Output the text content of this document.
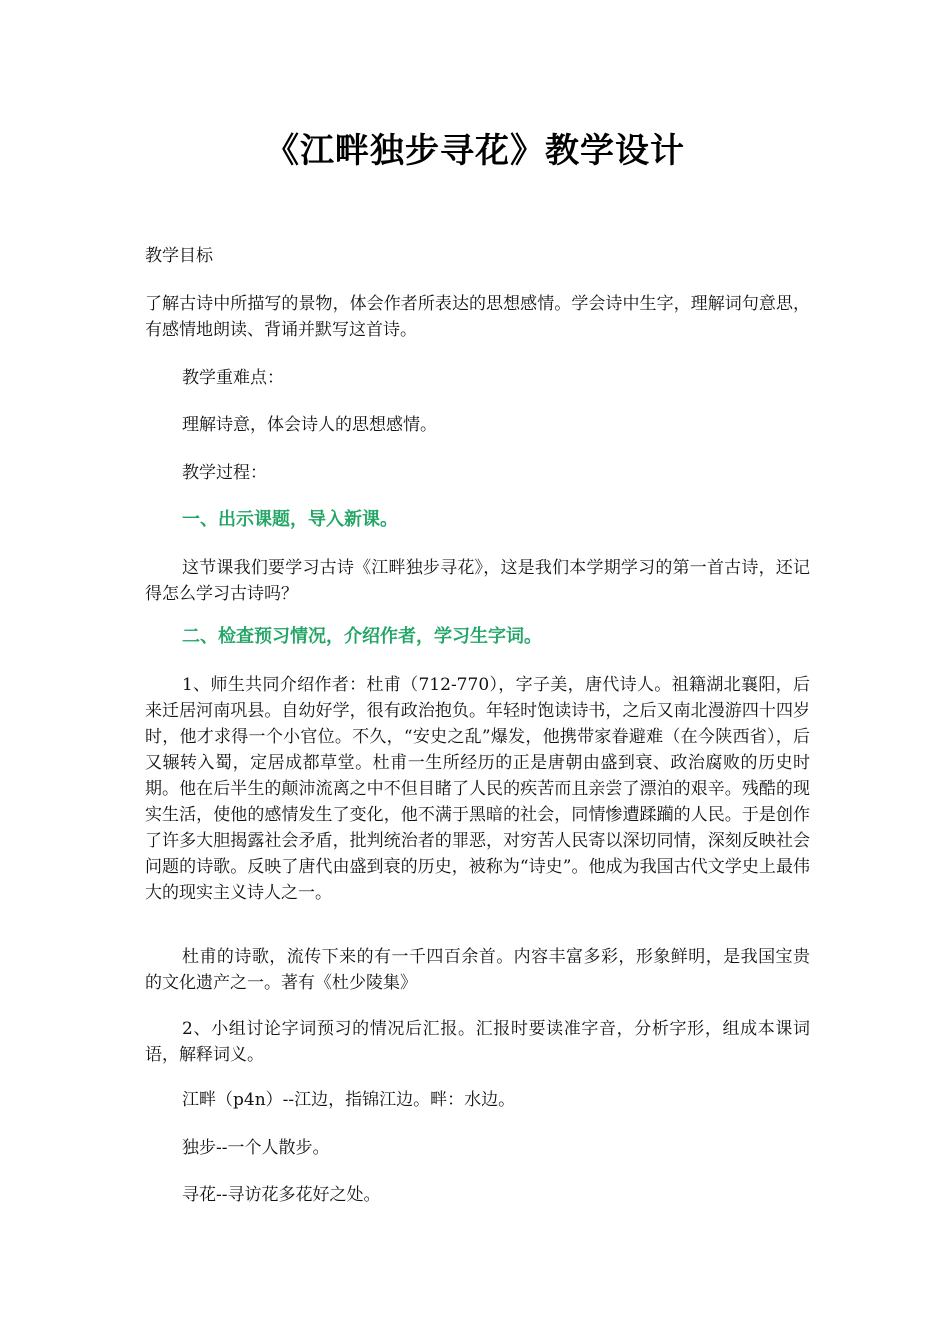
《江畔独步寻花》教学设计

教学目标

了解古诗中所描写的景物，体会作者所表达的思想感情。学会诗中生字，理解词句意思，有感情地朗读、背诵并默写这首诗。

教学重难点：

理解诗意，体会诗人的思想感情。

教学过程：

一、出示课题，导入新课。

这节课我们要学习古诗《江畔独步寻花》，这是我们本学期学习的第一首古诗，还记得怎么学习古诗吗？

二、检查预习情况，介绍作者，学习生字词。

1、师生共同介绍作者：杜甫（712-770），字子美，唐代诗人。祖籍湖北襄阳，后来迁居河南巩县。自幼好学，很有政治抱负。年轻时饱读诗书，之后又南北漫游四十四岁时，他才求得一个小官位。不久，“安史之乱”爆发，他携带家眷避难（在今陕西省），后又辗转入蜀，定居成都草堂。杜甫一生所经历的正是唐朝由盛到衰、政治腐败的历史时期。他在后半生的颠沛流离之中不但目睹了人民的疾苦而且亲尝了漂泊的艰辛。残酷的现实生活，使他的感情发生了变化，他不满于黑暗的社会，同情惨遭蹂躏的人民。于是创作了许多大胆揭露社会矛盾，批判统治者的罪恶，对穷苦人民寄以深切同情，深刻反映社会问题的诗歌。反映了唐代由盛到衰的历史，被称为“诗史”。他成为我国古代文学史上最伟大的现实主义诗人之一。

杜甫的诗歌，流传下来的有一千四百余首。内容丰富多彩，形象鲜明，是我国宝贵的文化遗产之一。著有《杜少陵集》

2、小组讨论字词预习的情况后汇报。汇报时要读准字音，分析字形，组成本课词语，解释词义。

江畔（p4n）--江边，指锦江边。畔：水边。

独步--一个人散步。

寻花--寻访花多花好之处。
